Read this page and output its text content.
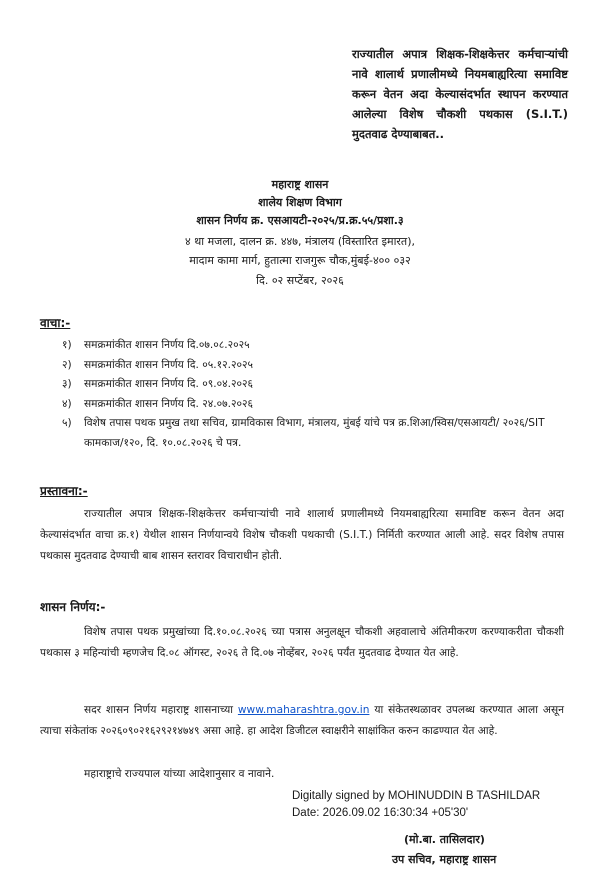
राज्यातील अपात्र शिक्षक-शिक्षकेत्तर कर्मचाऱ्यांची नावे शालार्थ प्रणालीमध्ये नियमबाह्यरित्या समाविष्ट करून वेतन अदा केल्यासंदर्भात स्थापन करण्यात आलेल्या विशेष चौकशी पथकास (S.I.T.) मुदतवाढ देण्याबाबत..
महाराष्ट्र शासन
शालेय शिक्षण विभाग
शासन निर्णय क्र. एसआयटी-२०२५/प्र.क्र.५५/प्रशा.३
४ था मजला, दालन क्र. ४४७, मंत्रालय (विस्तारित इमारत),
मादाम कामा मार्ग, हुतात्मा राजगुरू चौक,मुंबई-४०० ०३२
दि. ०२ सप्टेंबर, २०२६
वाचा:-
१)	समक्रमांकीत शासन निर्णय दि.०७.०८.२०२५
२)	समक्रमांकीत शासन निर्णय दि. ०५.१२.२०२५
३)	समक्रमांकीत शासन निर्णय दि. ०९.०४.२०२६
४)	समक्रमांकीत शासन निर्णय दि. २४.०७.२०२६
५)	विशेष तपास पथक प्रमुख तथा सचिव, ग्रामविकास विभाग, मंत्रालय, मुंबई यांचे पत्र क्र.शिआ/स्विस/एसआयटी/ २०२६/SIT कामकाज/१२०, दि. १०.०८.२०२६ चे पत्र.
प्रस्तावना:-

राज्यातील अपात्र शिक्षक-शिक्षकेत्तर कर्मचाऱ्यांची नावे शालार्थ प्रणालीमध्ये नियमबाह्यरित्या समाविष्ट करून वेतन अदा केल्यासंदर्भात वाचा क्र.१) येथील शासन निर्णयान्वये विशेष चौकशी पथकाची (S.I.T.) निर्मिती करण्यात आली आहे. सदर विशेष तपास पथकास मुदतवाढ देण्याची बाब शासन स्तरावर विचाराधीन होती.

शासन निर्णय:-

विशेष तपास पथक प्रमुखांच्या दि.१०.०८.२०२६ च्या पत्रास अनुलक्षून चौकशी अहवालाचे अंतिमीकरण करण्याकरीता चौकशी पथकास ३ महिन्यांची म्हणजेच दि.०८ ऑगस्ट, २०२६ ते दि.०७ नोव्हेंबर, २०२६ पर्यंत मुदतवाढ देण्यात येत आहे.

सदर शासन निर्णय महाराष्ट्र शासनाच्या www.maharashtra.gov.in या संकेतस्थळावर उपलब्ध करण्यात आला असून त्याचा संकेतांक २०२६०९०२१६२९२१४७४९ असा आहे. हा आदेश डिजीटल स्वाक्षरीने साक्षांकित करुन काढण्यात येत आहे.

महाराष्ट्राचे राज्यपाल यांच्या आदेशानुसार व नावाने.

Digitally signed by MOHINUDDIN B TASHILDAR
Date: 2026.09.02 16:30:34 +05'30'
(मो.बा. तासिलदार)
उप सचिव, महाराष्ट्र शासन
